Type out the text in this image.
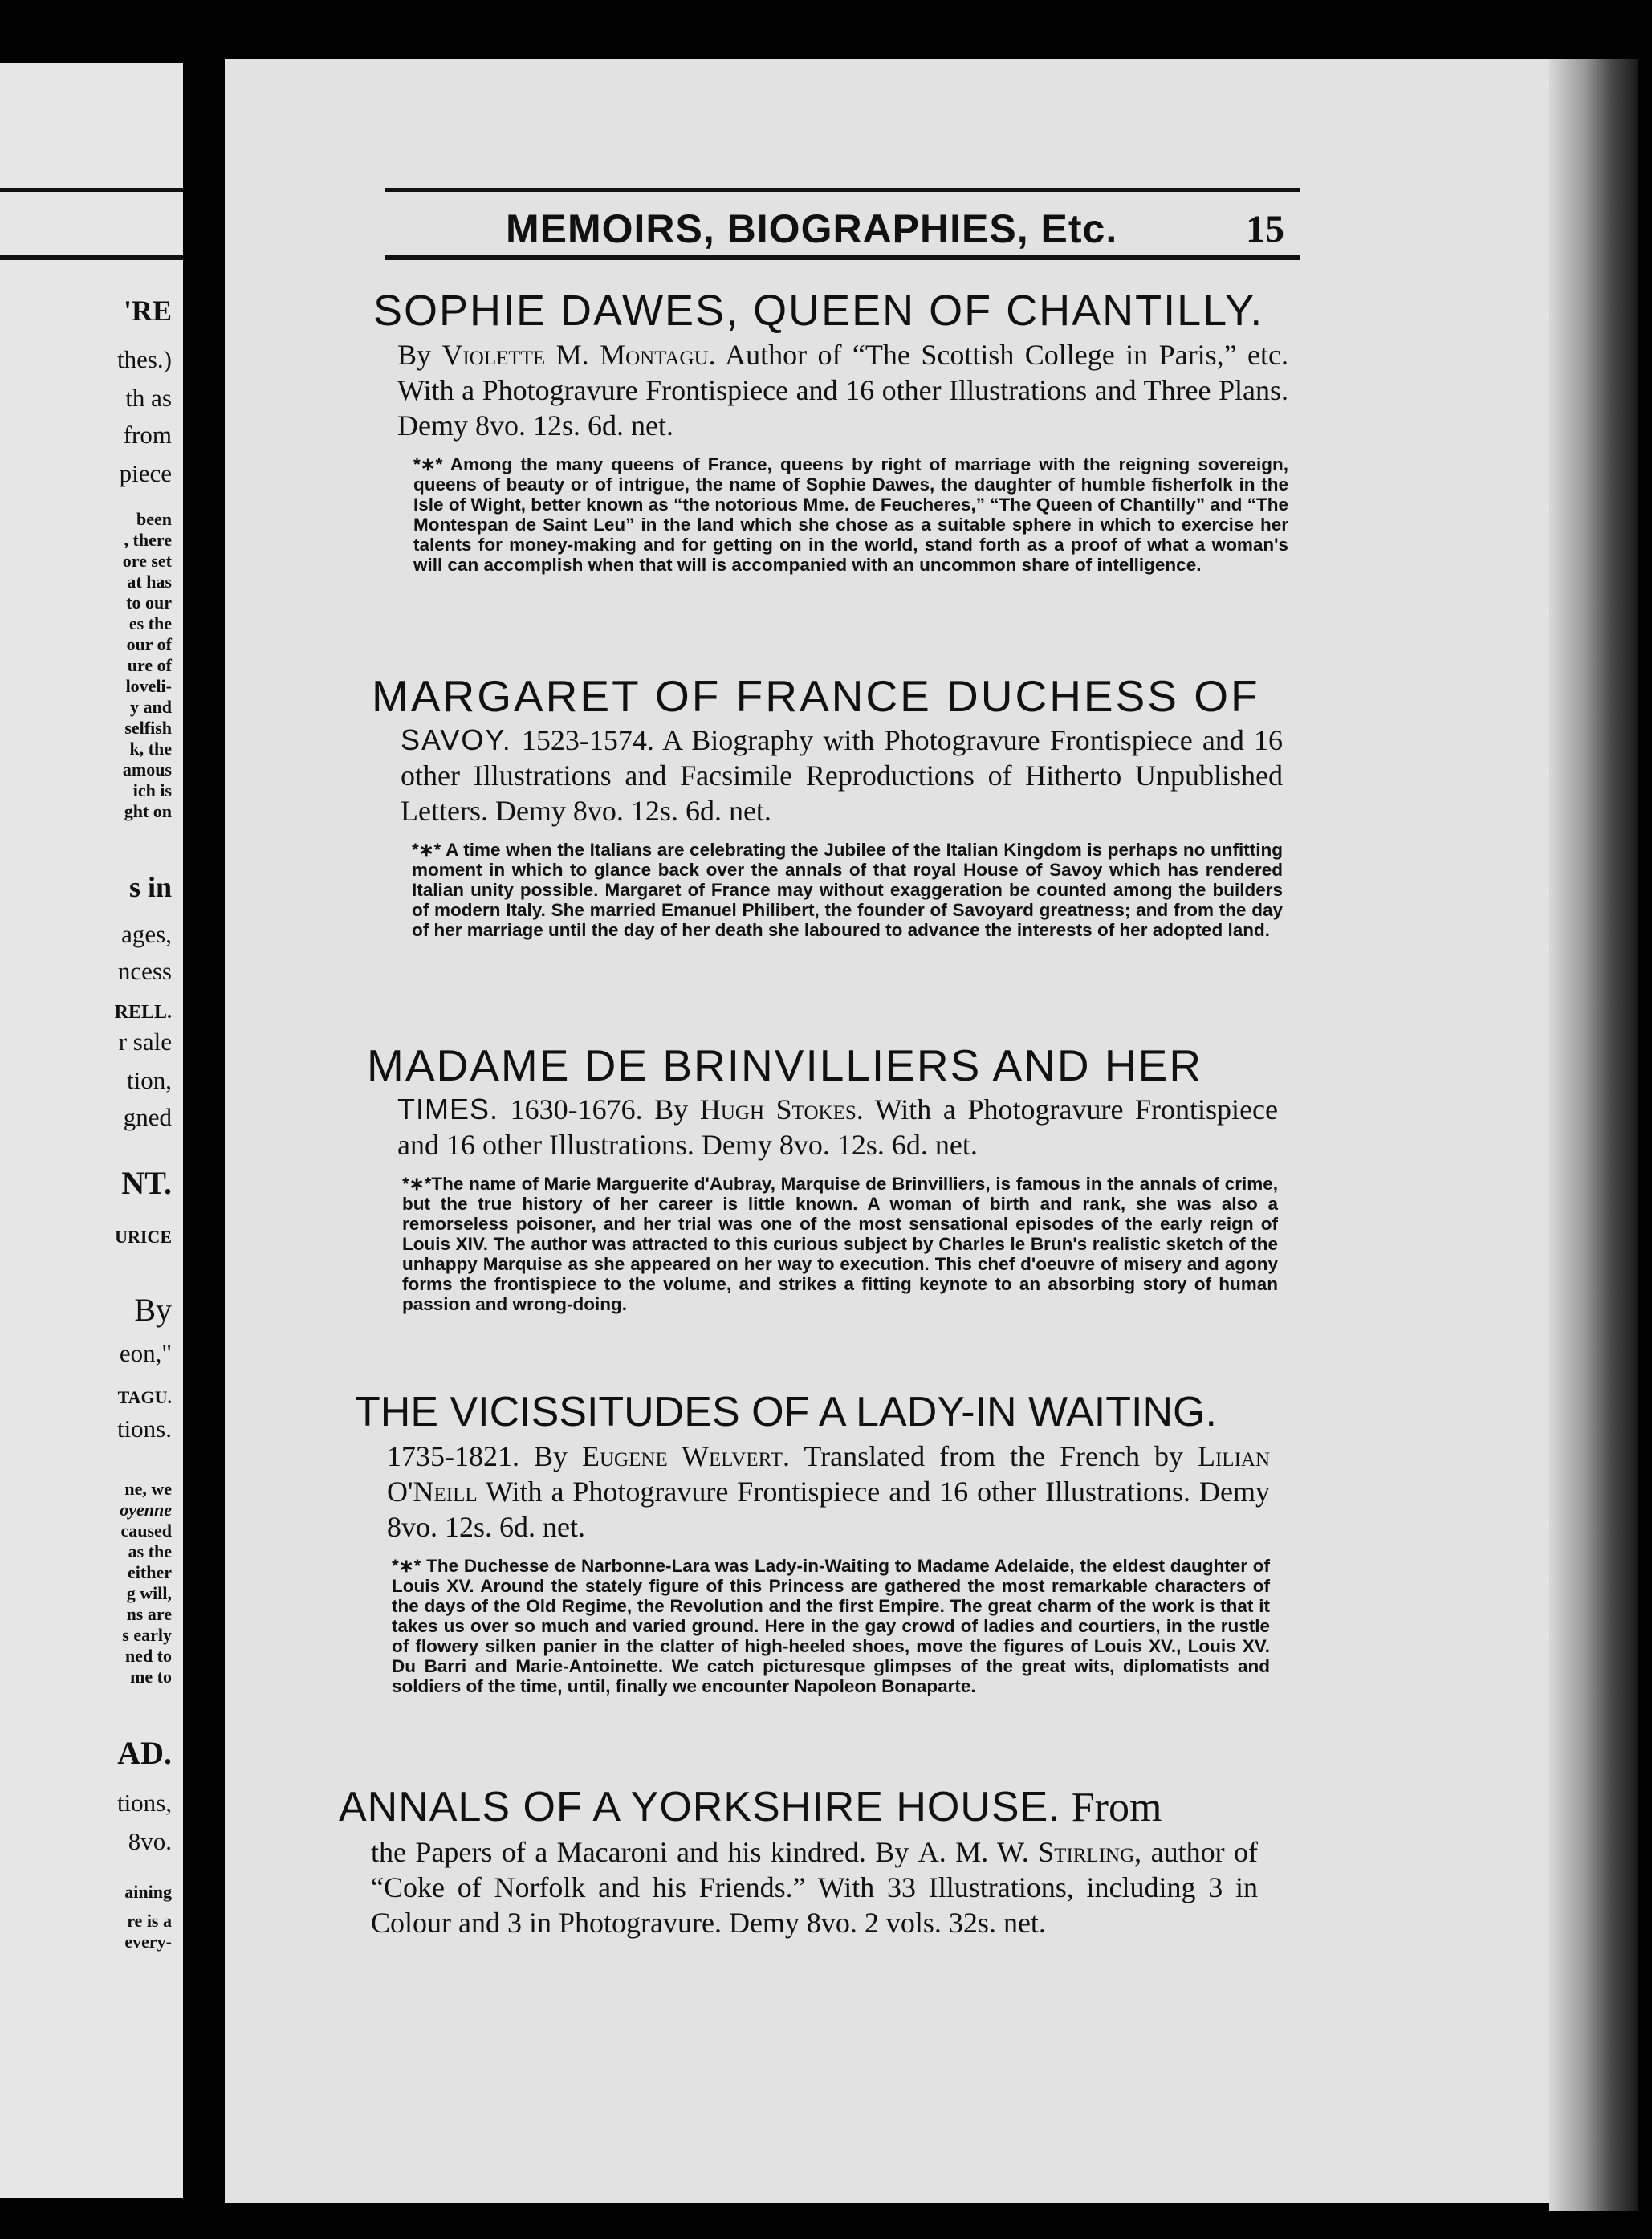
'RE
thes.)
th as
from
piece
been
, there
ore set
at has
to our
es the
our of
ure of
loveli-
y and
selfish
k, the
amous
ich is
ght on
s in
ages,
ncess
RELL.
r sale
tion,
gned
NT.
URICE
By
eon,"
TAGU.
tions.
ne, we
oyenne
caused
as the
either
g will,
ns are
s early
ned to
me to
AD.
tions,
8vo.
aining
re is a
every-
MEMOIRS, BIOGRAPHIES, Etc.	15
SOPHIE DAWES, QUEEN OF CHANTILLY.
By Violette M. Montagu. Author of “The Scottish College in Paris,” etc. With a Photogravure Frontispiece and 16 other Illustrations and Three Plans. Demy 8vo. 12s. 6d. net.
*∗* Among the many queens of France, queens by right of marriage with the reigning sovereign, queens of beauty or of intrigue, the name of Sophie Dawes, the daughter of humble fisherfolk in the Isle of Wight, better known as “the notorious Mme. de Feucheres,” “The Queen of Chantilly” and “The Montespan de Saint Leu” in the land which she chose as a suitable sphere in which to exercise her talents for money-making and for getting on in the world, stand forth as a proof of what a woman's will can accomplish when that will is accompanied with an uncommon share of intelligence.
MARGARET OF FRANCE DUCHESS OF
SAVOY. 1523-1574. A Biography with Photogravure Frontispiece and 16 other Illustrations and Facsimile Reproductions of Hitherto Unpublished Letters. Demy 8vo. 12s. 6d. net.
*∗* A time when the Italians are celebrating the Jubilee of the Italian Kingdom is perhaps no unfitting moment in which to glance back over the annals of that royal House of Savoy which has rendered Italian unity possible. Margaret of France may without exaggeration be counted among the builders of modern Italy. She married Emanuel Philibert, the founder of Savoyard greatness; and from the day of her marriage until the day of her death she laboured to advance the interests of her adopted land.
MADAME DE BRINVILLIERS AND HER
TIMES. 1630-1676. By Hugh Stokes. With a Photogravure Frontispiece and 16 other Illustrations. Demy 8vo. 12s. 6d. net.
*∗*The name of Marie Marguerite d'Aubray, Marquise de Brinvilliers, is famous in the annals of crime, but the true history of her career is little known. A woman of birth and rank, she was also a remorseless poisoner, and her trial was one of the most sensational episodes of the early reign of Louis XIV. The author was attracted to this curious subject by Charles le Brun's realistic sketch of the unhappy Marquise as she appeared on her way to execution. This chef d'oeuvre of misery and agony forms the frontispiece to the volume, and strikes a fitting keynote to an absorbing story of human passion and wrong-doing.
THE VICISSITUDES OF A LADY-IN WAITING.
1735-1821. By Eugene Welvert. Translated from the French by Lilian O'Neill With a Photogravure Frontispiece and 16 other Illustrations. Demy 8vo. 12s. 6d. net.
*∗* The Duchesse de Narbonne-Lara was Lady-in-Waiting to Madame Adelaide, the eldest daughter of Louis XV. Around the stately figure of this Princess are gathered the most remarkable characters of the days of the Old Regime, the Revolution and the first Empire. The great charm of the work is that it takes us over so much and varied ground. Here in the gay crowd of ladies and courtiers, in the rustle of flowery silken panier in the clatter of high-heeled shoes, move the figures of Louis XV., Louis XV. Du Barri and Marie-Antoinette. We catch picturesque glimpses of the great wits, diplomatists and soldiers of the time, until, finally we encounter Napoleon Bonaparte.
ANNALS OF A YORKSHIRE HOUSE. From
the Papers of a Macaroni and his kindred. By A. M. W. Stirling, author of “Coke of Norfolk and his Friends.” With 33 Illustrations, including 3 in Colour and 3 in Photogravure. Demy 8vo. 2 vols. 32s. net.
